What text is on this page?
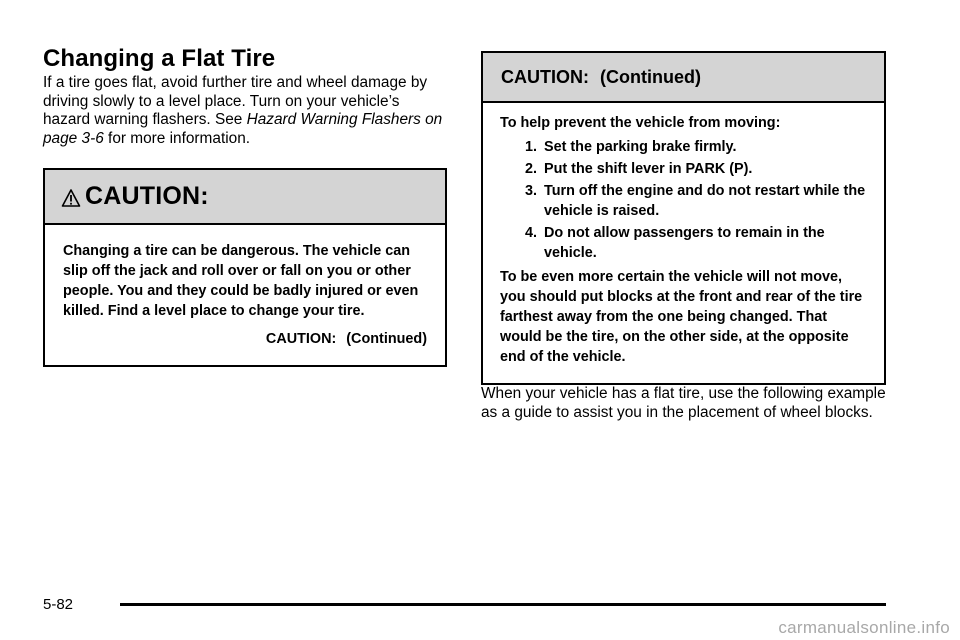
Changing a Flat Tire

If a tire goes flat, avoid further tire and wheel damage by driving slowly to a level place. Turn on your vehicle’s hazard warning flashers. See Hazard Warning Flashers on page 3-6 for more information.

CAUTION:
Changing a tire can be dangerous. The vehicle can slip off the jack and roll over or fall on you or other people. You and they could be badly injured or even killed. Find a level place to change your tire.
CAUTION: (Continued)
CAUTION: (Continued)
To help prevent the vehicle from moving:
1. Set the parking brake firmly.
2. Put the shift lever in PARK (P).
3. Turn off the engine and do not restart while the vehicle is raised.
4. Do not allow passengers to remain in the vehicle.
To be even more certain the vehicle will not move, you should put blocks at the front and rear of the tire farthest away from the one being changed. That would be the tire, on the other side, at the opposite end of the vehicle.

When your vehicle has a flat tire, use the following example as a guide to assist you in the placement of wheel blocks.

5-82
carmanualsonline.info
